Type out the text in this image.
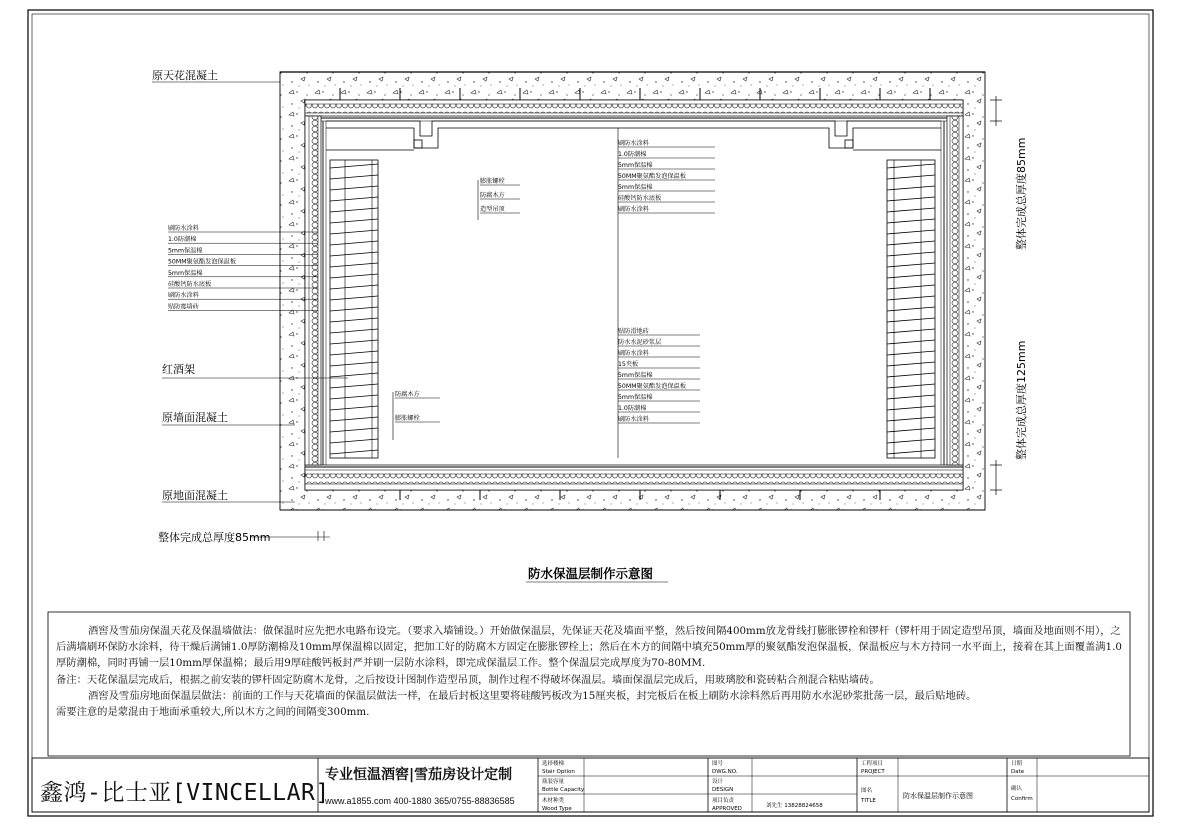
原天花混凝土
红酒架
原墙面混凝土
原地面混凝土
整体完成总厚度85mm
整体完成总厚度85mm
整体完成总厚度125mm
防水保温层制作示意图
刷防水涂料
1.0防潮棉
5mm保温棉
50MM聚氨酯发泡保温板
5mm保温棉
硅酸钙防水底板
刷防水涂料
贴防霉墙砖
刷防水涂料
1.0防潮棉
5mm保温棉
50MM聚氨酯发泡保温板
5mm保温棉
硅酸钙防水底板
刷防水涂料
膨胀螺栓
防腐木方
造型吊顶
贴防滑地砖
防水水泥砂浆层
刷防水涂料
15夹板
5mm保温棉
50MM聚氨酯发泡保温板
5mm保温棉
1.0防潮棉
刷防水涂料
防腐木方
膨胀螺栓
选择楼梯
Stair Option
瓶装容量
Bottle Capacity
木材种类
Wood Type
图号
DWG.NO.
设计
DESIGN
项目负责
APPROVED	刘先生 13828824658
工程项目
PROJECT
图名
TITLE
防水保温层制作示意图
日期
Date
确认
Confirm

酒窖及雪茄房保温天花及保温墙做法：做保温时应先把水电路布设完。（要求入墙铺设。）开始做保温层，先保证天花及墙面平整，然后按间隔400mm放龙骨线打膨胀锣栓和锣杆（锣杆用于固定造型吊顶，墙面及地面则不用），之后满墙刷环保防水涂料，待干燥后满铺1.0厚防潮棉及10mm厚保温棉以固定，把加工好的防腐木方固定在膨胀锣栓上；然后在木方的间隔中填充50mm厚的聚氨酯发泡保温板，保温板应与木方持同一水平面上，接着在其上面覆盖满1.0厚防潮棉，同时再铺一层10mm厚保温棉；最后用9厚硅酸钙板封严并刷一层防水涂料，即完成保温层工作。整个保温层完成厚度为70-80MM.

备注：天花保温层完成后，根据之前安装的锣杆固定防腐木龙骨，之后按设计图制作造型吊顶，制作过程不得破坏保温层。墙面保温层完成后，用玻璃胶和瓷砖粘合剂混合粘贴墙砖。

酒窖及雪茄房地面保温层做法：前面的工作与天花墙面的保温层做法一样，在最后封板这里要将硅酸钙板改为15厘夹板，封完板后在板上刷防水涂料然后再用防水水泥砂浆批荡一层，最后贴地砖。

需要注意的是蒙混由于地面承重较大,所以木方之间的间隔变300mm.

鑫鸿-比士亚[VINCELLAR]
专业恒温酒窖|雪茄房设计定制
www.a1855.com 400-1880 365/0755-88836585
